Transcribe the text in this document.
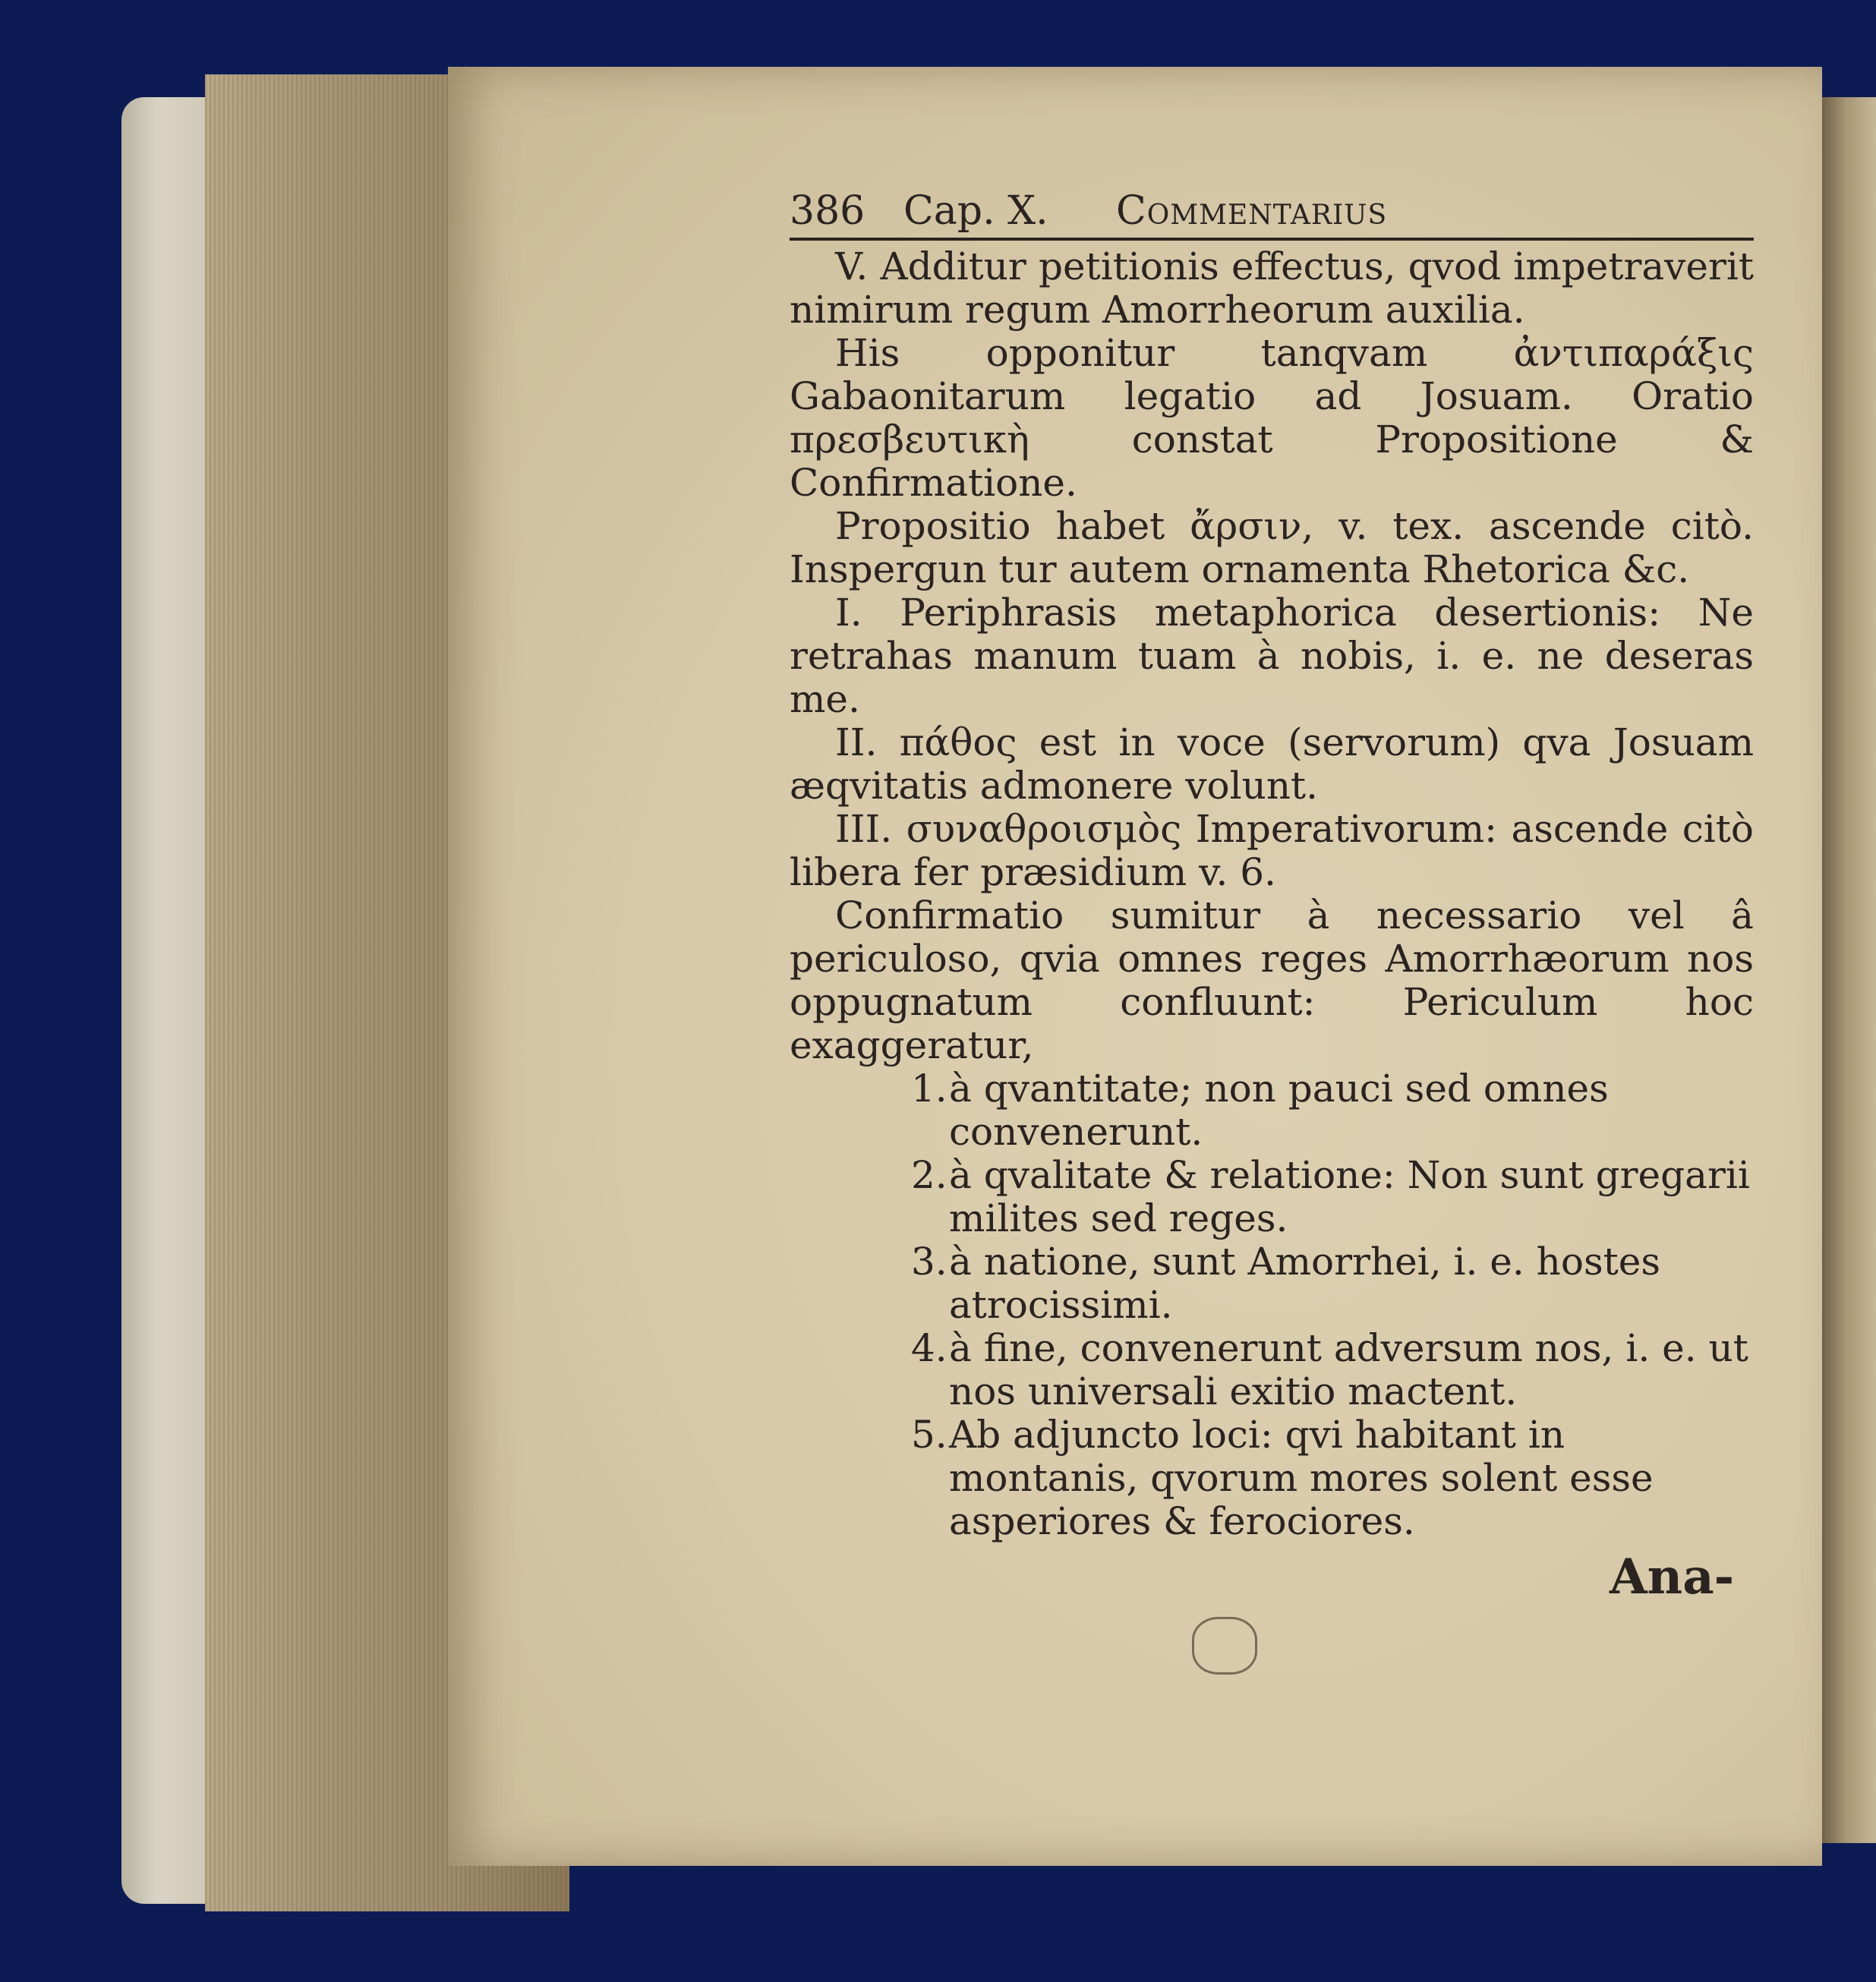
386 Cap. X.	Commentarius

V. Additur petitionis effectus, qvod impetraverit nimirum regum Amorrheorum auxilia.

His opponitur tanqvam ἀντιπαράξις Gabaonitarum legatio ad Josuam. Oratio πρεσβευτικὴ constat Propositione & Confirmatione.

Propositio habet ἄρσιν, v. tex. ascende citò. Inspergun tur autem ornamenta Rhetorica &c.

I. Periphrasis metaphorica desertionis: Ne retrahas manum tuam à nobis, i. e. ne deseras me.

II. πάθος est in voce (servorum) qva Josuam æqvitatis admonere volunt.

III. συναθροισμὸς Imperativorum: ascende citò libera fer præsidium v. 6.

Confirmatio sumitur à necessario vel â periculoso, qvia omnes reges Amorrhæorum nos oppugnatum confluunt: Periculum hoc exaggeratur,

1. à qvantitate; non pauci sed omnes convenerunt.
2. à qvalitate & relatione: Non sunt gregarii milites sed reges.
3. à natione, sunt Amorrhei, i. e. hostes atrocissimi.
4. à fine, convenerunt adversum nos, i. e. ut nos universali exitio mactent.
5. Ab adjuncto loci: qvi habitant in montanis, qvorum mores solent esse asperiores & ferociores.
Ana-
